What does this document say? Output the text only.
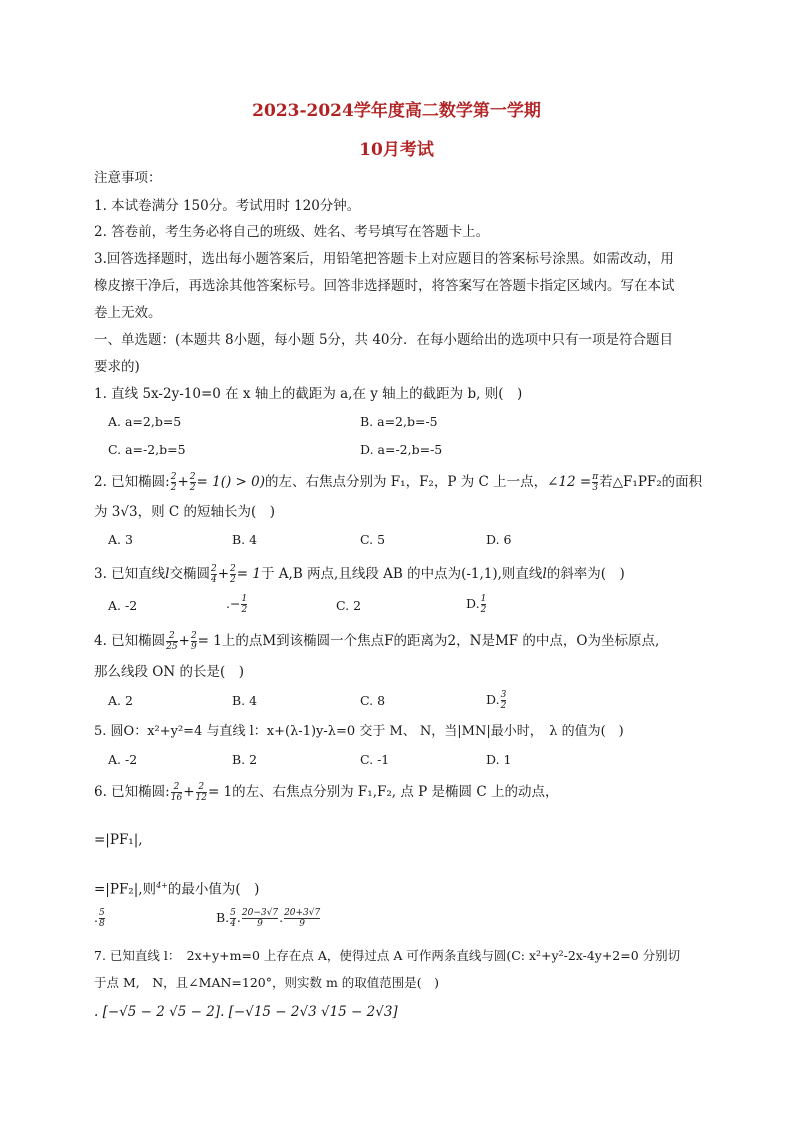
2023-2024学年度高二数学第一学期
10月考试
注意事项：
1. 本试卷满分 150分。考试用时 120分钟。
2. 答卷前，考生务必将自己的班级、姓名、考号填写在答题卡上。
3.回答选择题时，选出每小题答案后，用铅笔把答题卡上对应题目的答案标号涂黑。如需改动，用
橡皮擦干净后，再选涂其他答案标号。回答非选择题时，将答案写在答题卡指定区域内。写在本试
卷上无效。
一、单选题：(本题共 8小题，每小题 5分，共 40分．在每小题给出的选项中只有一项是符合题目
要求的)
1. 直线 5x-2y-10=0 在 x 轴上的截距为 a,在 y 轴上的截距为 b, 则(　)
A. a=2,b=5	B. a=2,b=-5
C. a=-2,b=5	D. a=-2,b=-5
2. 已知椭圆: $\frac{2}{2} + \frac{2}{2} = 1() > 0$)的左、右焦点分别为 F₁，F₂，P 为 C 上一点，∠12 = $\frac{\pi}{3}$ 若△F₁PF₂的面积
为 3√3，则 C 的短轴长为(　)
A. 3	B. 4	C. 5	D. 6
3. 已知直线l交椭圆 $\frac{2}{4} + \frac{2}{2} = 1$于 A,B 两点,且线段 AB 的中点为(-1,1),则直线l的斜率为(　)
A. -2	.− $\frac{1}{2}$	C. 2	D. $\frac{1}{2}$
4. 已知椭圆 $\frac{2}{25} + \frac{2}{9} = 1$上的点M到该椭圆一个焦点F的距离为2，N是MF 的中点，O为坐标原点,
那么线段 ON 的长是(　)
A. 2	B. 4	C. 8	D. $\frac{3}{2}$
5. 圆O：x²+y²=4 与直线 l：x+(λ-1)y-λ=0 交于 M、 N，当|MN|最小时，　λ 的值为(　)
A. -2	B. 2	C. -1	D. 1
6. 已知椭圆: $\frac{2}{16} + \frac{2}{12} = 1$的左、右焦点分别为 F₁,F₂, 点 P 是椭圆 C 上的动点，
=|PF₁|,
=|PF₂|,则$^{4+}$的最小值为(　)
. $\frac{5}{8}$	B. $\frac{5}{4}$ . $\frac{20-3√7}{9}$ . $\frac{20+3√7}{9}$
7. 已知直线 l：　2x+y+m=0 上存在点 A，使得过点 A 可作两条直线与圆(C: x²+y²-2x-4y+2=0 分别切
于点 M,　N，且∠MAN=120°，则实数 m 的取值范围是(　)
. [−√5 − 2 √5 − 2]. [−√15 − 2√3 √15 − 2√3]
